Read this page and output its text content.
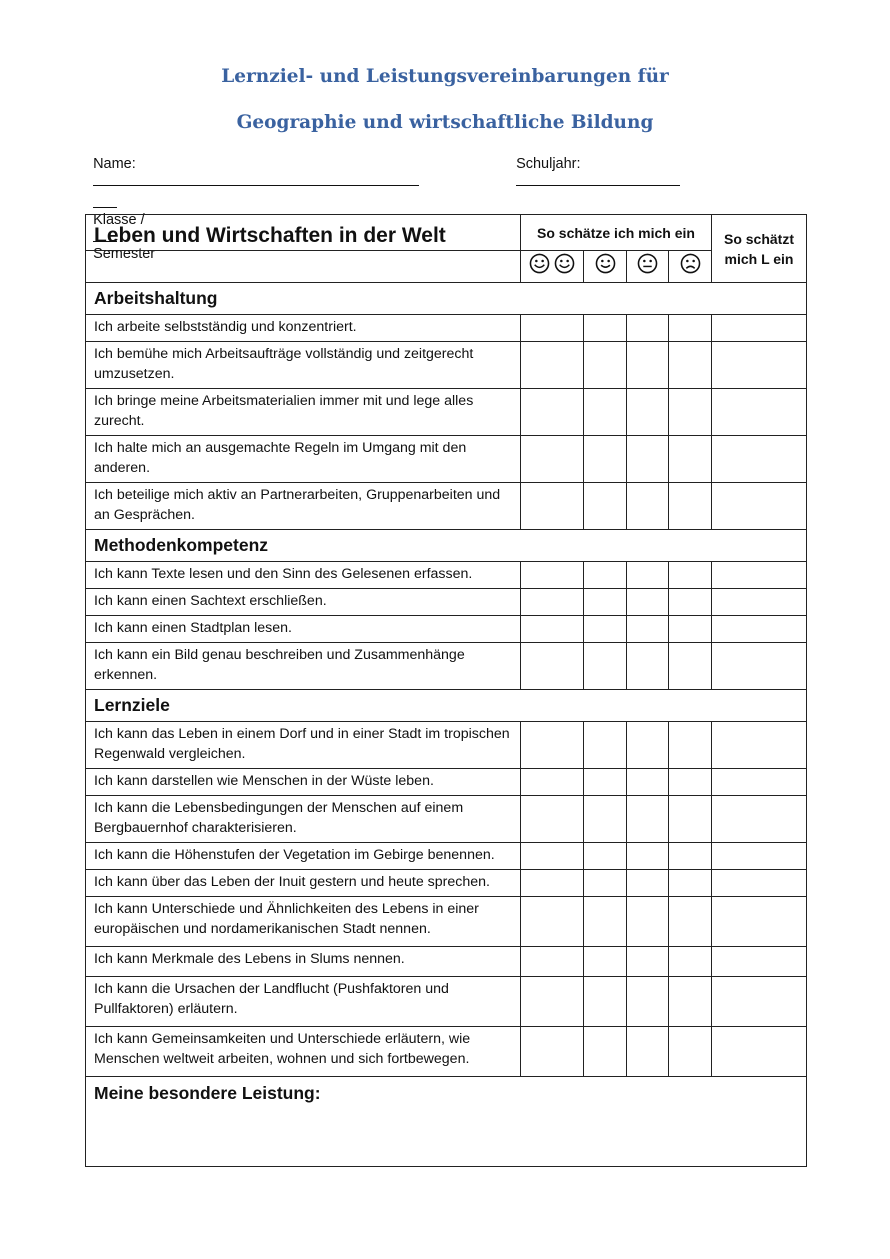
Lernziel- und Leistungsvereinbarungen für
Geographie und wirtschaftliche Bildung

Name:
	Schuljahr:

Klasse /

Semester

Leben und Wirtschaften in der Welt	So schätze ich mich ein				So schätzt
mich L ein

Arbeitshaltung					
Ich arbeite selbstständig und konzentriert.					
Ich bemühe mich Arbeitsaufträge vollständig und zeitgerecht umzusetzen.					
Ich bringe meine Arbeitsmaterialien immer mit und lege alles zurecht.					
Ich halte mich an ausgemachte Regeln im Umgang mit den anderen.					
Ich beteilige mich aktiv an Partnerarbeiten, Gruppenarbeiten und an Gesprächen.					
Methodenkompetenz					
Ich kann Texte lesen und den Sinn des Gelesenen erfassen.					
Ich kann einen Sachtext erschließen.					
Ich kann einen Stadtplan lesen.					
Ich kann ein Bild genau beschreiben und Zusammenhänge erkennen.					
Lernziele					
Ich kann das Leben in einem Dorf und in einer Stadt im tropischen Regenwald vergleichen.					
Ich kann darstellen wie Menschen in der Wüste leben.					
Ich kann die Lebensbedingungen der Menschen auf einem Bergbauernhof charakterisieren.					
Ich kann die Höhenstufen der Vegetation im Gebirge benennen.					
Ich kann über das Leben der Inuit gestern und heute sprechen.					
Ich kann Unterschiede und Ähnlichkeiten des Lebens in einer europäischen und nordamerikanischen Stadt nennen.					
Ich kann Merkmale des Lebens in Slums nennen.					
Ich kann die Ursachen der Landflucht (Pushfaktoren und Pullfaktoren) erläutern.					
Ich kann Gemeinsamkeiten und Unterschiede erläutern, wie Menschen weltweit arbeiten, wohnen und sich fortbewegen.					
Meine besondere Leistung:					
